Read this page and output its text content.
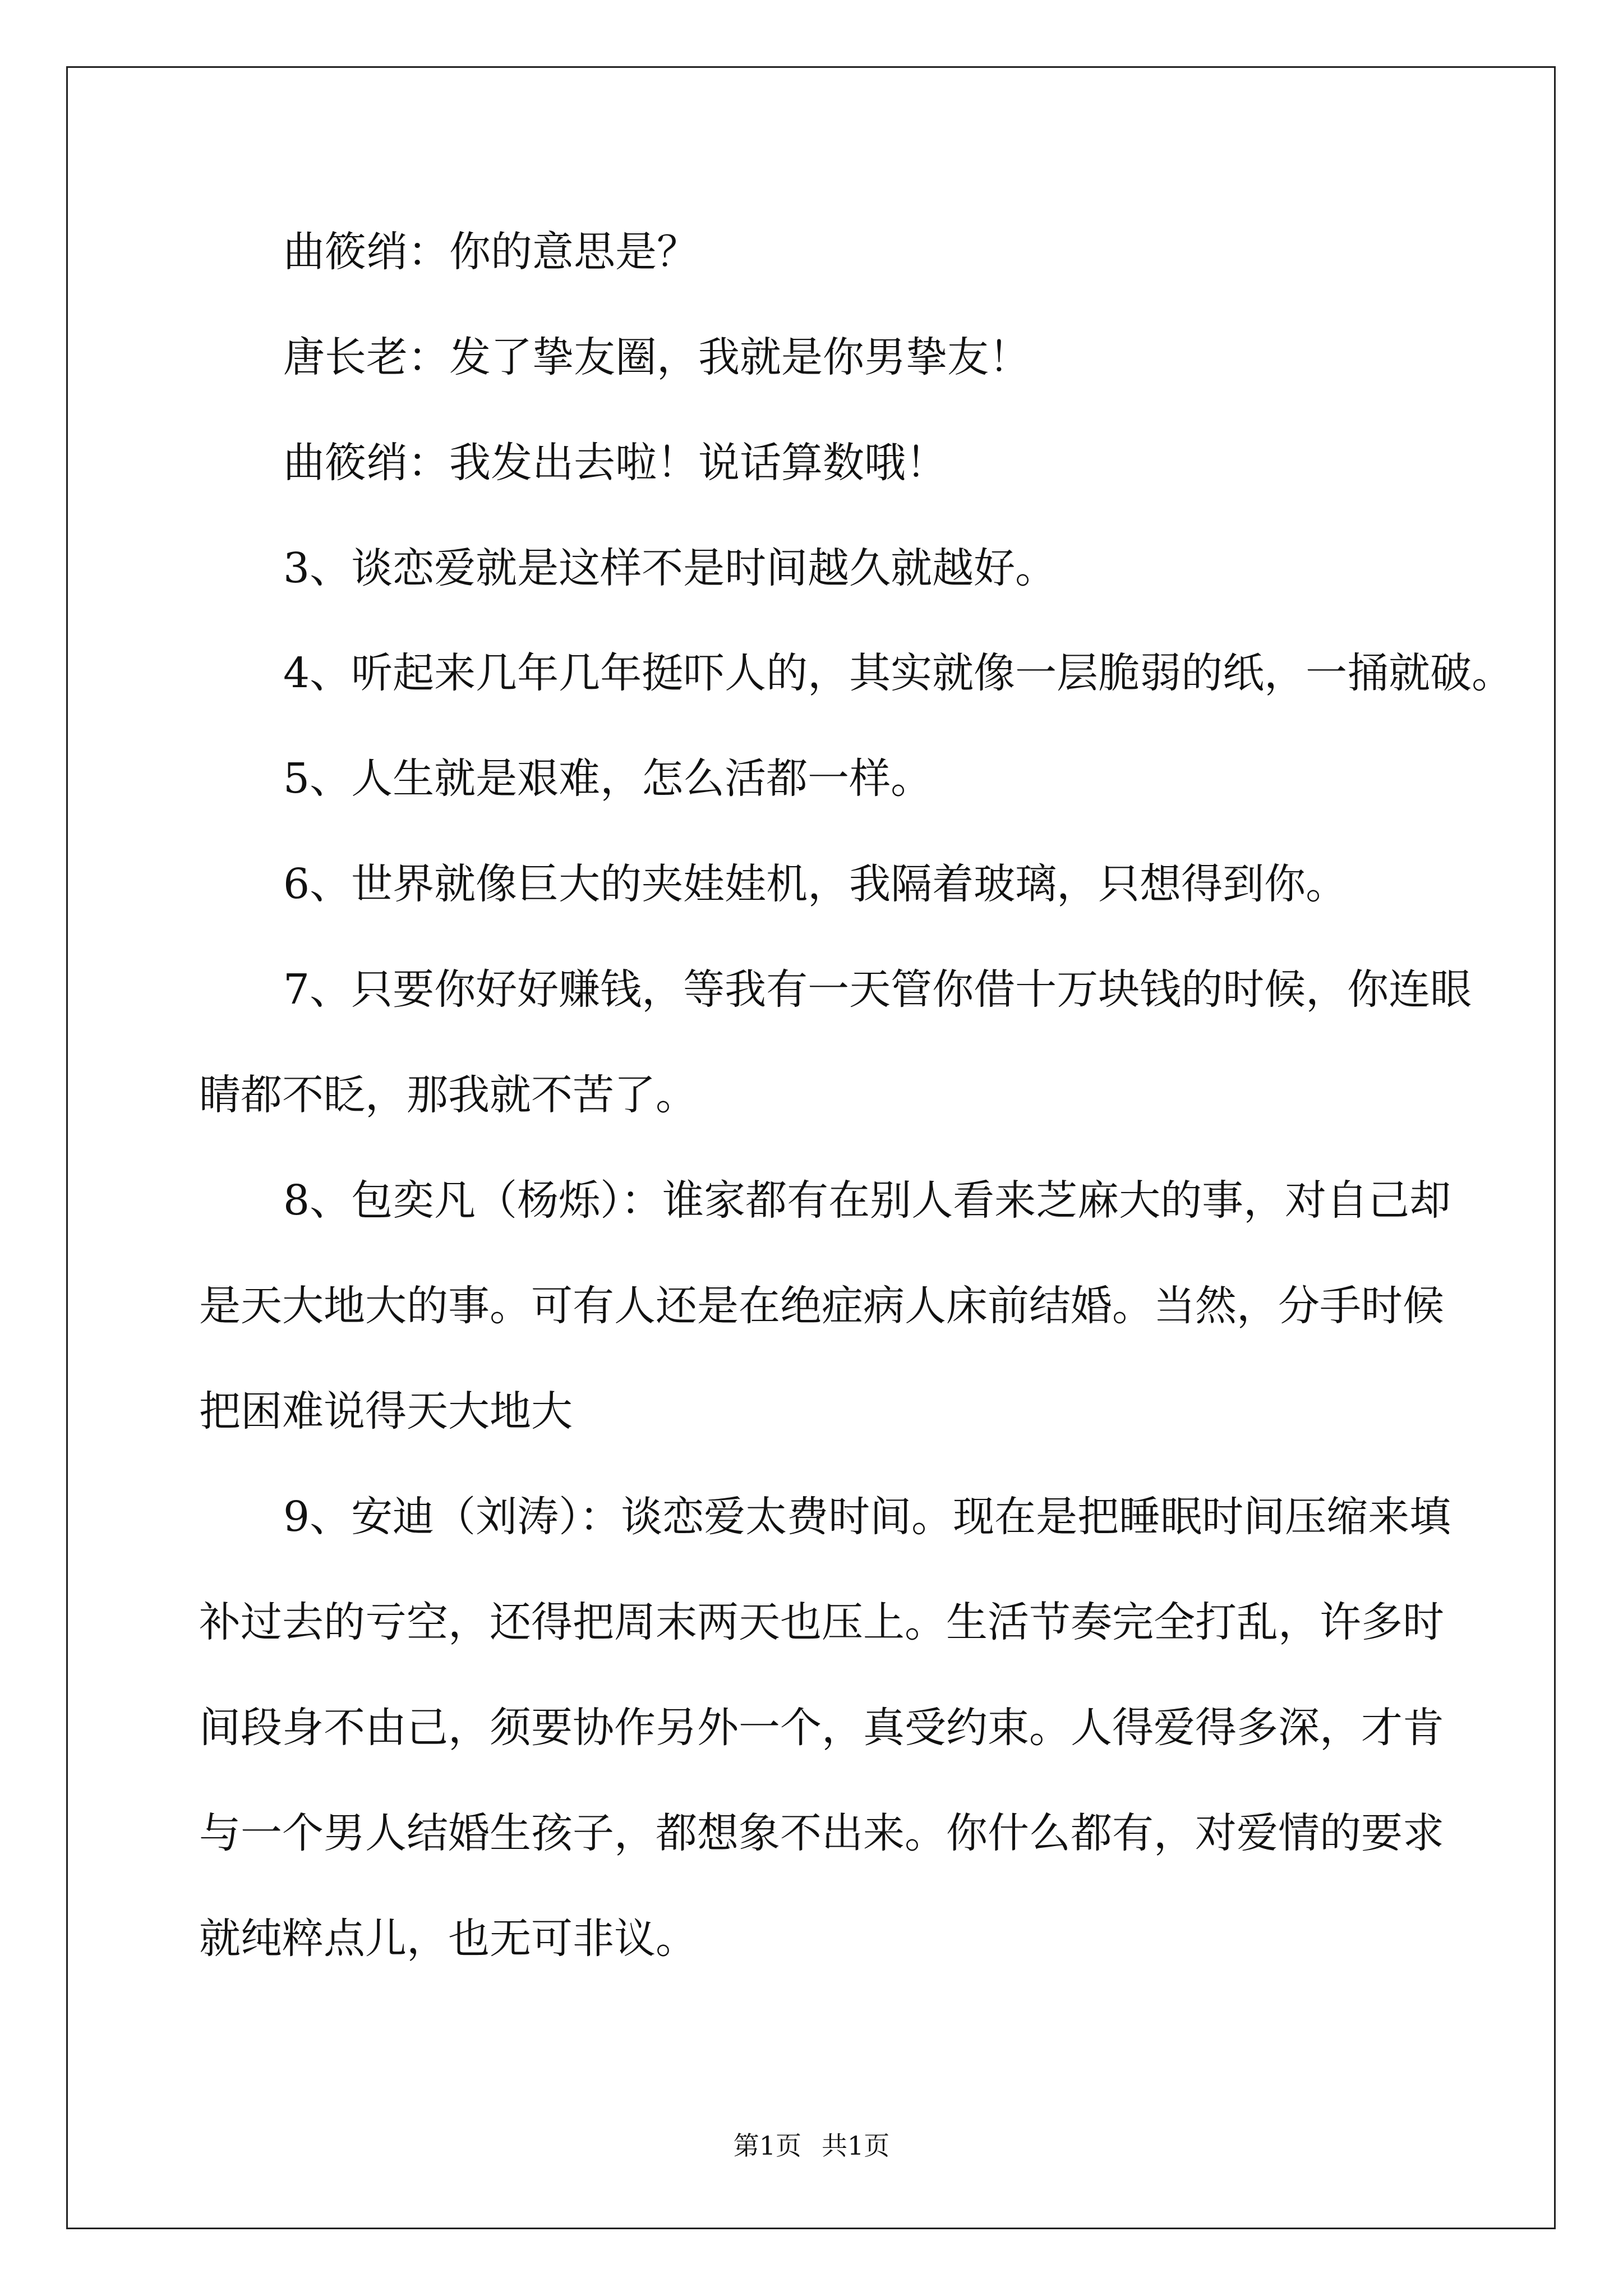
曲筱绡：你的意思是？
唐长老：发了挚友圈，我就是你男挚友！
曲筱绡：我发出去啦！说话算数哦！
3、谈恋爱就是这样不是时间越久就越好。
4、听起来几年几年挺吓人的，其实就像一层脆弱的纸，一捅就破。
5、人生就是艰难，怎么活都一样。
6、世界就像巨大的夹娃娃机，我隔着玻璃，只想得到你。
7、只要你好好赚钱，等我有一天管你借十万块钱的时候，你连眼
睛都不眨，那我就不苦了。
8、包奕凡（杨烁）：谁家都有在别人看来芝麻大的事，对自己却
是天大地大的事。可有人还是在绝症病人床前结婚。当然，分手时候
把困难说得天大地大
9、安迪（刘涛）：谈恋爱太费时间。现在是把睡眠时间压缩来填
补过去的亏空，还得把周末两天也压上。生活节奏完全打乱，许多时
间段身不由己，须要协作另外一个，真受约束。人得爱得多深，才肯
与一个男人结婚生孩子，都想象不出来。你什么都有，对爱情的要求
就纯粹点儿，也无可非议。
第1页 共1页
